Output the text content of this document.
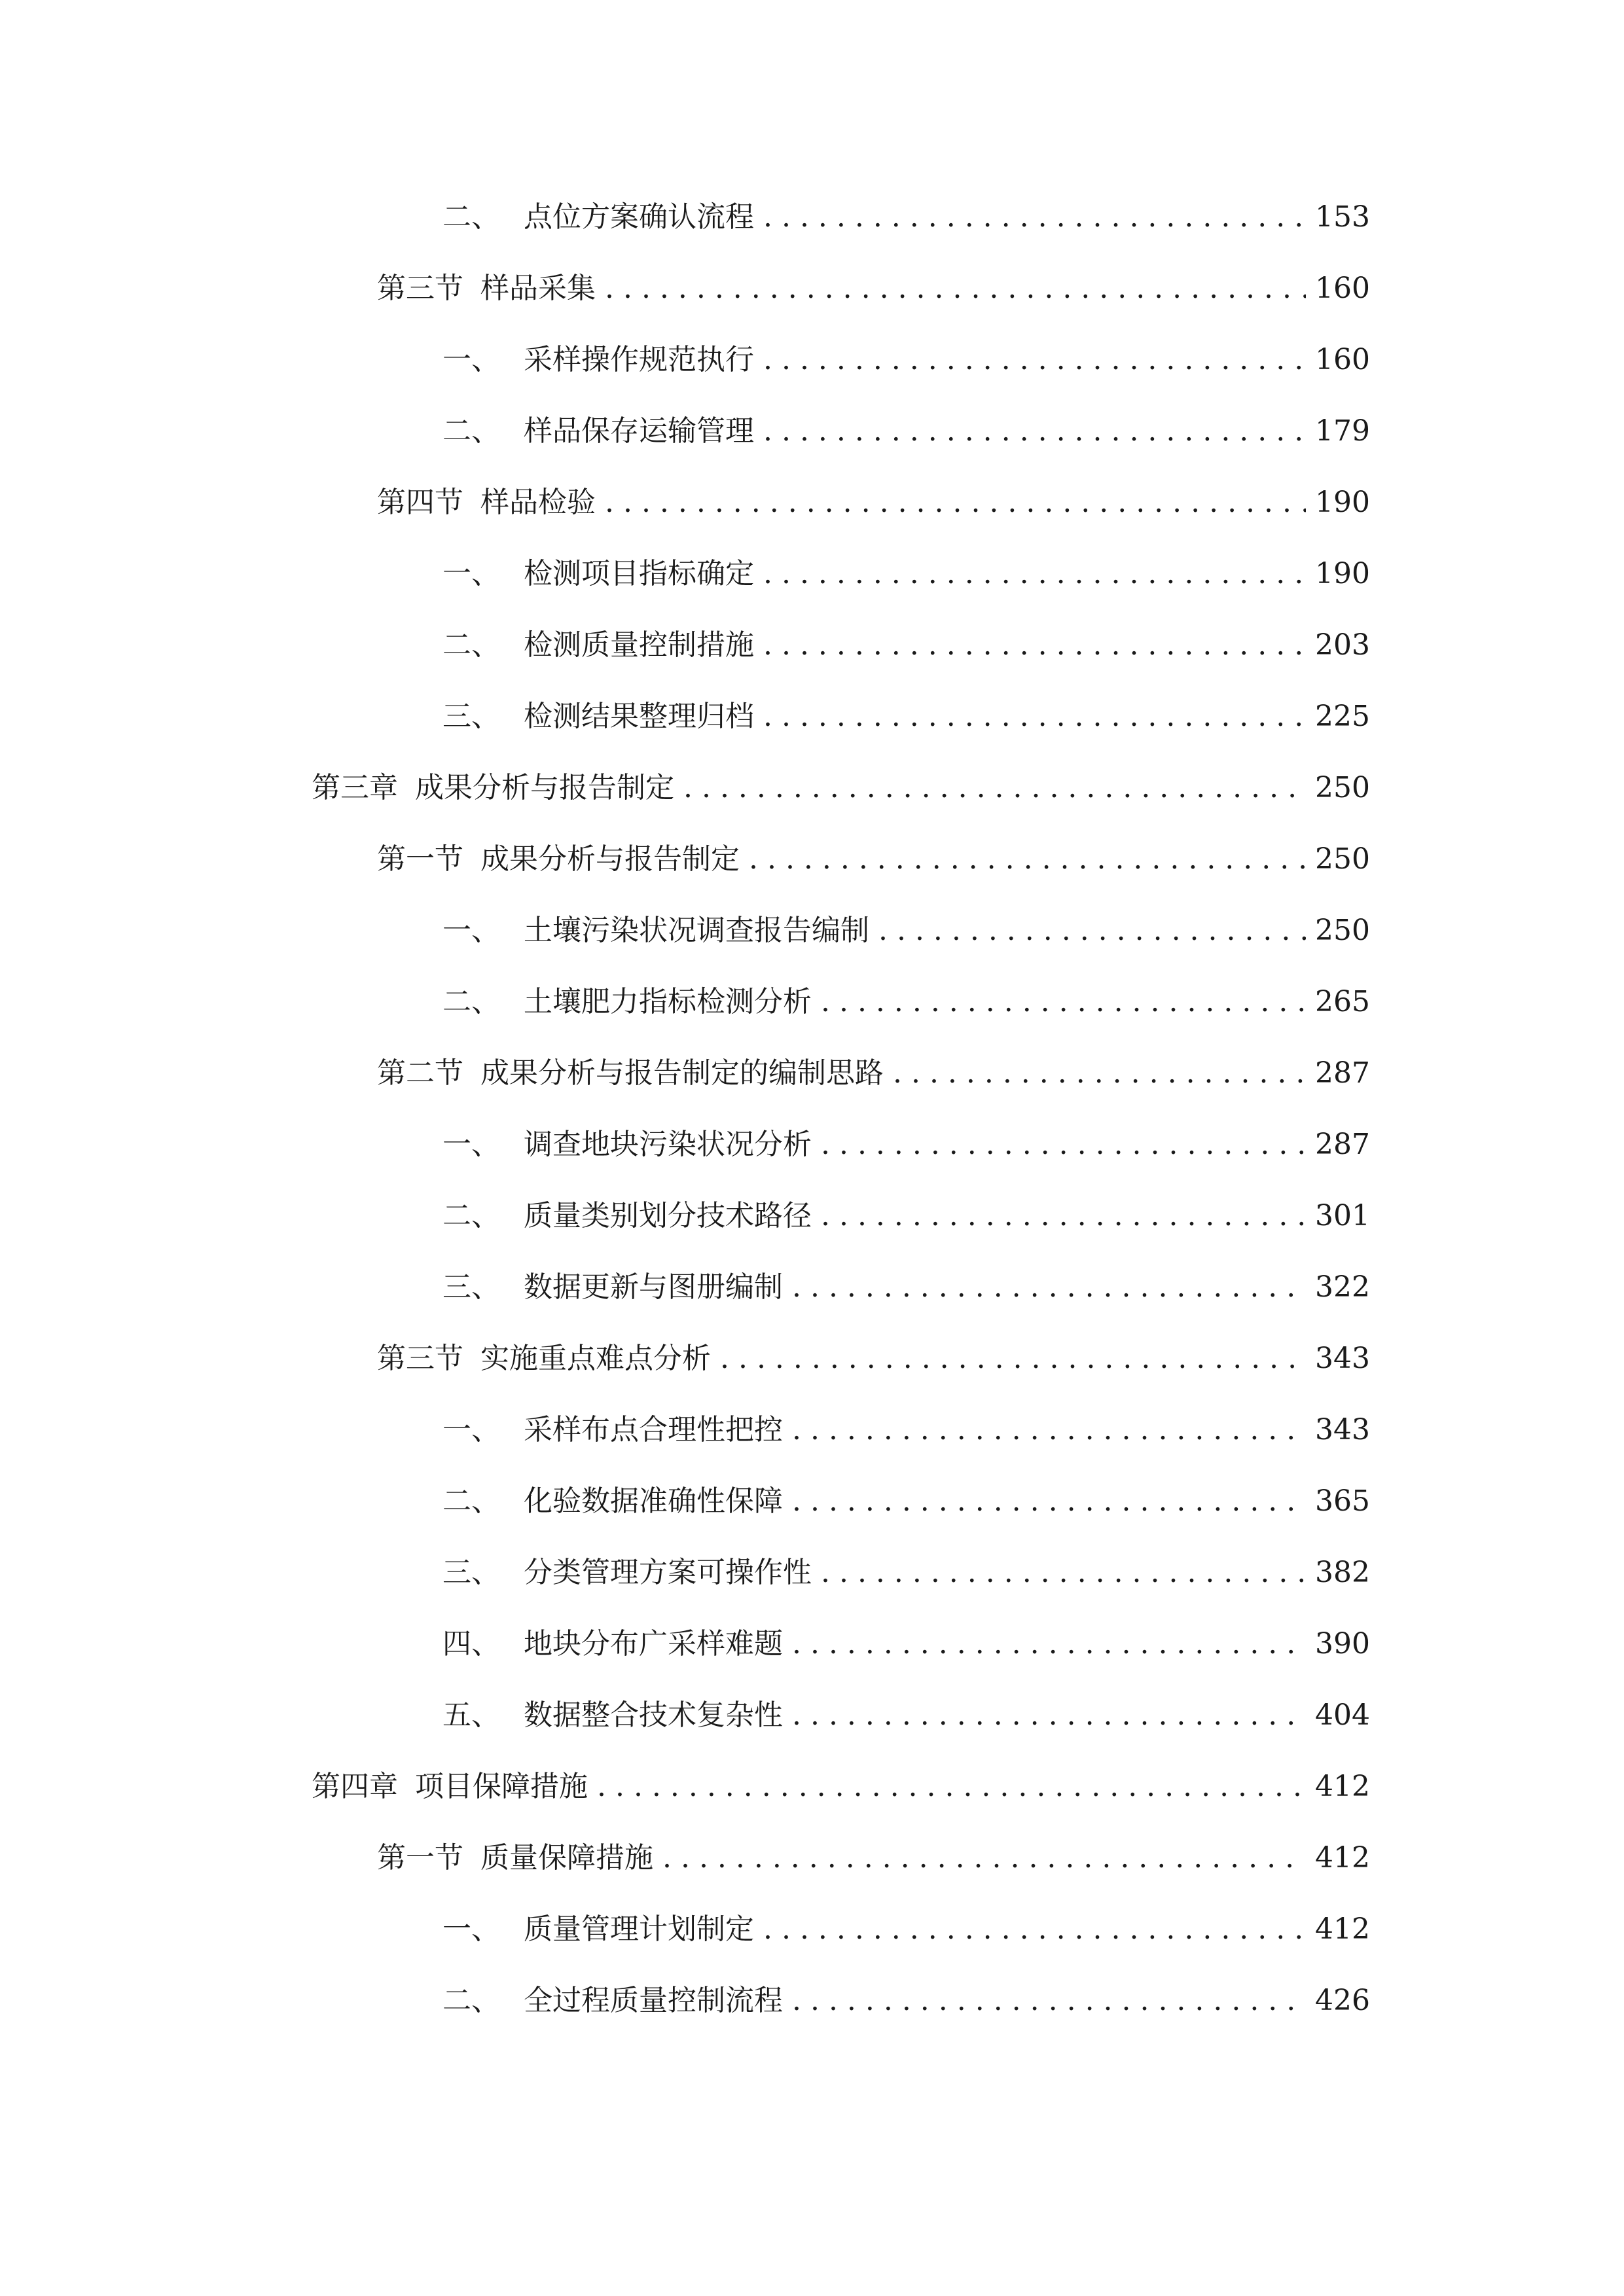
二、 点位方案确认流程 . . .	153
第三节 样品采集 . . .	160
一、 采样操作规范执行 . . .	160
二、 样品保存运输管理 . . .	179
第四节 样品检验 . . .	190
一、 检测项目指标确定 . . .	190
二、 检测质量控制措施 . . .	203
三、 检测结果整理归档 . . .	225
第三章 成果分析与报告制定 . . .	250
第一节 成果分析与报告制定 . . .	250
一、 土壤污染状况调查报告编制 . . .	250
二、 土壤肥力指标检测分析 . . .	265
第二节 成果分析与报告制定的编制思路 . . .	287
一、 调查地块污染状况分析 . . .	287
二、 质量类别划分技术路径 . . .	301
三、 数据更新与图册编制 . . .	322
第三节 实施重点难点分析 . . .	343
一、 采样布点合理性把控 . . .	343
二、 化验数据准确性保障 . . .	365
三、 分类管理方案可操作性 . . .	382
四、 地块分布广采样难题 . . .	390
五、 数据整合技术复杂性 . . .	404
第四章 项目保障措施 . . .	412
第一节 质量保障措施 . . .	412
一、 质量管理计划制定 . . .	412
二、 全过程质量控制流程 . . .	426
